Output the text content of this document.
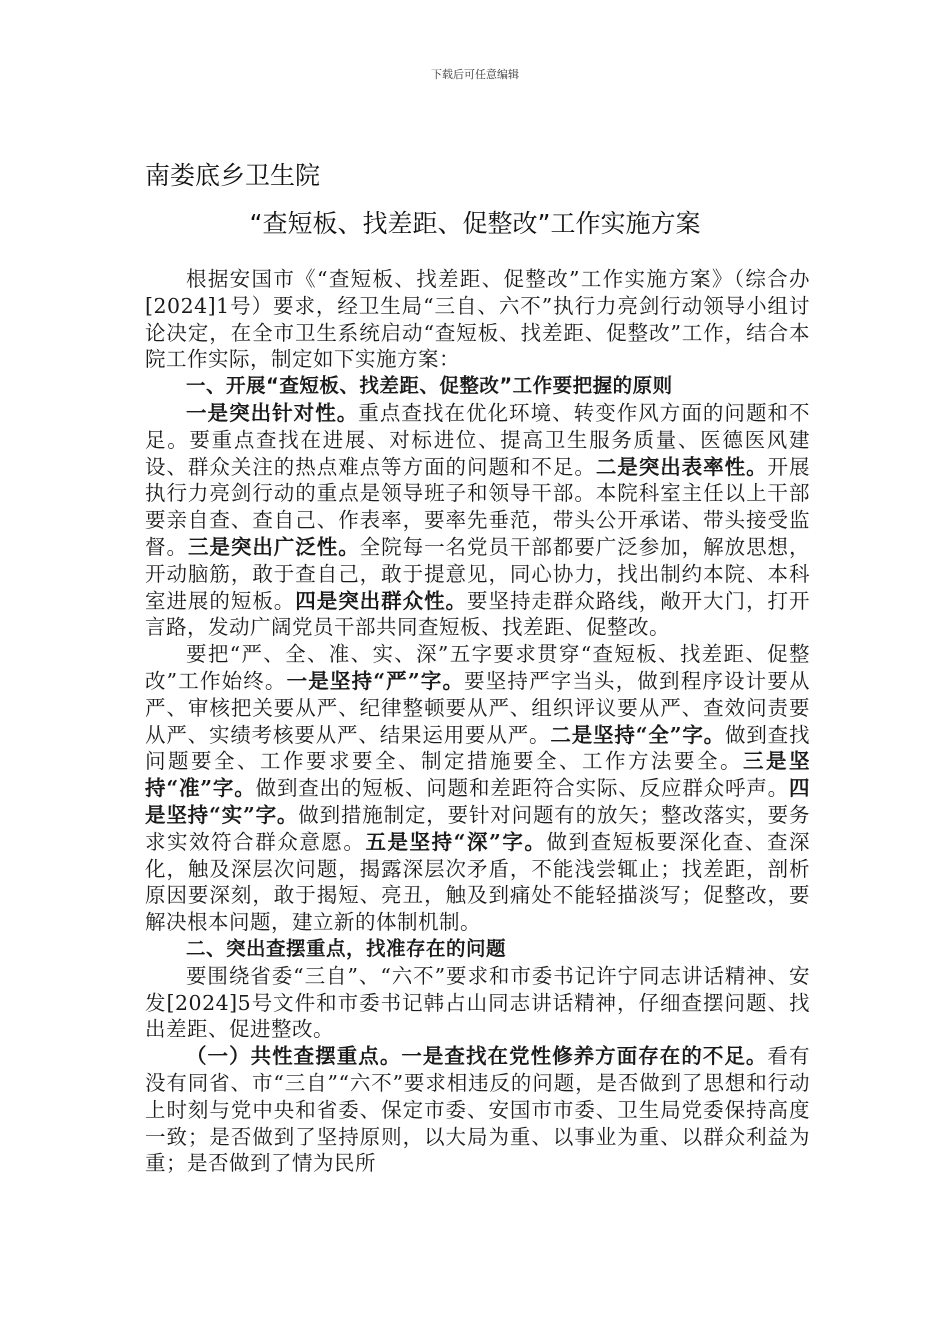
下载后可任意编辑
南娄底乡卫生院
“查短板、找差距、促整改”工作实施方案

根据安国市《“查短板、找差距、促整改”工作实施方案》（综合办[2024]1号）要求，经卫生局“三自、六不”执行力亮剑行动领导小组讨论决定，在全市卫生系统启动“查短板、找差距、促整改”工作，结合本院工作实际，制定如下实施方案：

一、开展“查短板、找差距、促整改”工作要把握的原则

一是突出针对性。重点查找在优化环境、转变作风方面的问题和不足。要重点查找在进展、对标进位、提高卫生服务质量、医德医风建设、群众关注的热点难点等方面的问题和不足。二是突出表率性。开展执行力亮剑行动的重点是领导班子和领导干部。本院科室主任以上干部要亲自查、查自己、作表率，要率先垂范，带头公开承诺、带头接受监督。三是突出广泛性。全院每一名党员干部都要广泛参加，解放思想，开动脑筋，敢于查自己，敢于提意见，同心协力，找出制约本院、本科室进展的短板。四是突出群众性。要坚持走群众路线，敞开大门，打开言路，发动广阔党员干部共同查短板、找差距、促整改。

要把“严、全、准、实、深”五字要求贯穿“查短板、找差距、促整改”工作始终。一是坚持“严”字。要坚持严字当头，做到程序设计要从严、审核把关要从严、纪律整顿要从严、组织评议要从严、查效问责要从严、实绩考核要从严、结果运用要从严。二是坚持“全”字。做到查找问题要全、工作要求要全、制定措施要全、工作方法要全。三是坚持“准”字。做到查出的短板、问题和差距符合实际、反应群众呼声。四是坚持“实”字。做到措施制定，要针对问题有的放矢；整改落实，要务求实效符合群众意愿。五是坚持“深”字。做到查短板要深化查、查深化，触及深层次问题，揭露深层次矛盾，不能浅尝辄止；找差距，剖析原因要深刻，敢于揭短、亮丑，触及到痛处不能轻描淡写；促整改，要解决根本问题，建立新的体制机制。

二、突出查摆重点，找准存在的问题

要围绕省委“三自”、“六不”要求和市委书记许宁同志讲话精神、安发[2024]5号文件和市委书记韩占山同志讲话精神，仔细查摆问题、找出差距、促进整改。

（一）共性查摆重点。一是查找在党性修养方面存在的不足。看有没有同省、市“三自”“六不”要求相违反的问题，是否做到了思想和行动上时刻与党中央和省委、保定市委、安国市市委、卫生局党委保持高度一致；是否做到了坚持原则，以大局为重、以事业为重、以群众利益为重；是否做到了情为民所
